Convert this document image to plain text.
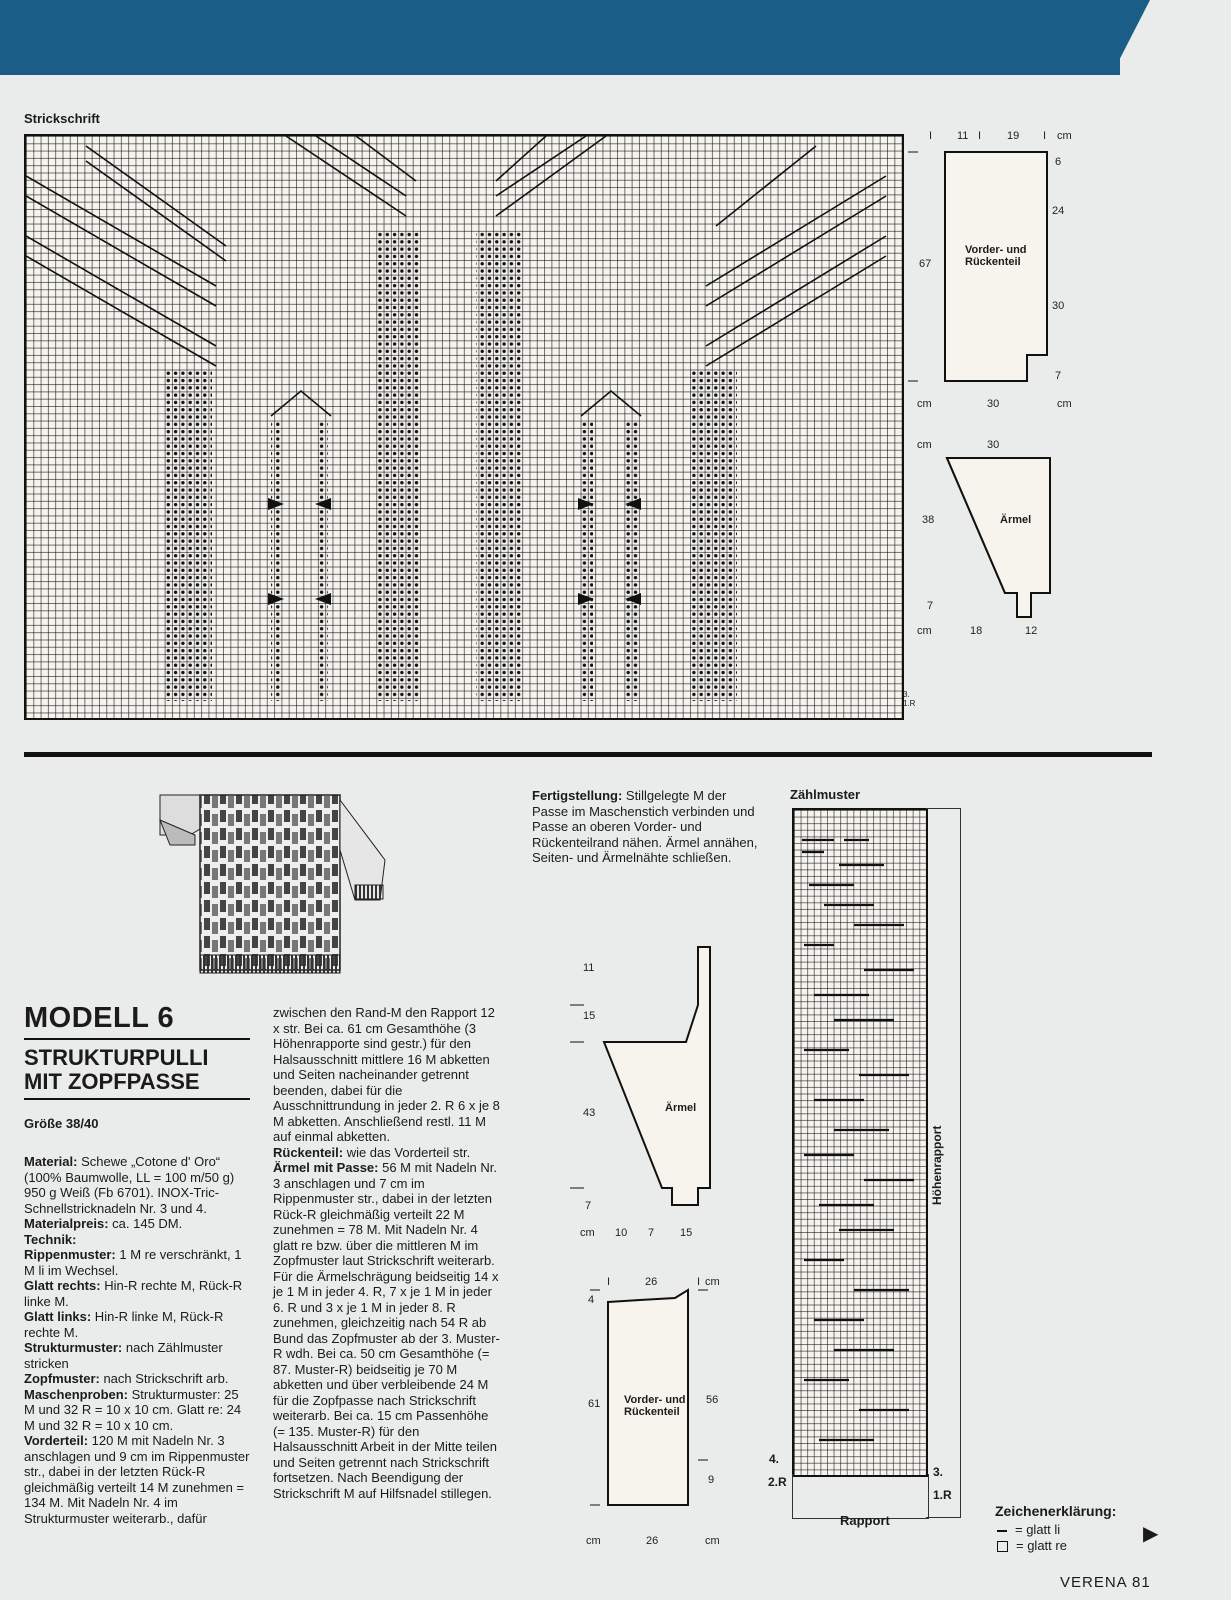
Strickschrift
3.
1.R
I 11 I 19 I cm
6
24
30
7
67
cm	30	cm
Vorder- und Rückenteil
cm	30
38
7
cm	18	12
Ärmel
MODELL 6
STRUKTURPULLI
MIT ZOPFPASSE
Größe 38/40
Material: Schewe „Cotone d' Oro“ (100% Baumwolle, LL = 100 m/50 g) 950 g Weiß (Fb 6701). INOX-Tric-Schnellstricknadeln Nr. 3 und 4.
Materialpreis: ca. 145 DM.
Technik:
Rippenmuster: 1 M re verschränkt, 1 M li im Wechsel.
Glatt rechts: Hin-R rechte M, Rück-R linke M.
Glatt links: Hin-R linke M, Rück-R rechte M.
Strukturmuster: nach Zählmuster stricken
Zopfmuster: nach Strickschrift arb.
Maschenproben: Strukturmuster: 25 M und 32 R = 10 x 10 cm. Glatt re: 24 M und 32 R = 10 x 10 cm.
Vorderteil: 120 M mit Nadeln Nr. 3 anschlagen und 9 cm im Rippenmuster str., dabei in der letzten Rück-R gleichmäßig verteilt 14 M zunehmen = 134 M. Mit Nadeln Nr. 4 im Strukturmuster weiterarb., dafür

zwischen den Rand-M den Rapport 12 x str. Bei ca. 61 cm Gesamthöhe (3 Höhenrapporte sind gestr.) für den Halsausschnitt mittlere 16 M abketten und Seiten nacheinander getrennt beenden, dabei für die Ausschnittrundung in jeder 2. R 6 x je 8 M abketten. Anschließend restl. 11 M auf einmal abketten.
Rückenteil: wie das Vorderteil str.
Ärmel mit Passe: 56 M mit Nadeln Nr. 3 anschlagen und 7 cm im Rippenmuster str., dabei in der letzten Rück-R gleichmäßig verteilt 22 M zunehmen = 78 M. Mit Nadeln Nr. 4 glatt re bzw. über die mittleren M im Zopfmuster laut Strickschrift weiterarb. Für die Ärmelschrägung beidseitig 14 x je 1 M in jeder 4. R, 7 x je 1 M in jeder 6. R und 3 x je 1 M in jeder 8. R zunehmen, gleichzeitig nach 54 R ab Bund das Zopfmuster ab der 3. Muster-R wdh. Bei ca. 50 cm Gesamthöhe (= 87. Muster-R) beidseitig je 70 M abketten und über verbleibende 24 M für die Zopfpasse nach Strickschrift weiterarb. Bei ca. 15 cm Passenhöhe (= 135. Muster-R) für den Halsausschnitt Arbeit in der Mitte teilen und Seiten getrennt nach Strickschrift fortsetzen. Nach Beendigung der Strickschrift M auf Hilfsnadel stillegen.

Fertigstellung: Stillgelegte M der Passe im Maschenstich verbinden und Passe an oberen Vorder- und Rückenteilrand nähen. Ärmel annähen, Seiten- und Ärmelnähte schließen.
11
15
43
7
cm 10 7 15
Ärmel
I	26	I cm
4
61	56
9
cm	26	cm
Vorder- und Rückenteil
Zählmuster
Höhenrapport
Rapport
4.
2.R
3.
1.R
Zeichenerklärung:
= glatt li
= glatt re
▶
VERENA 81
